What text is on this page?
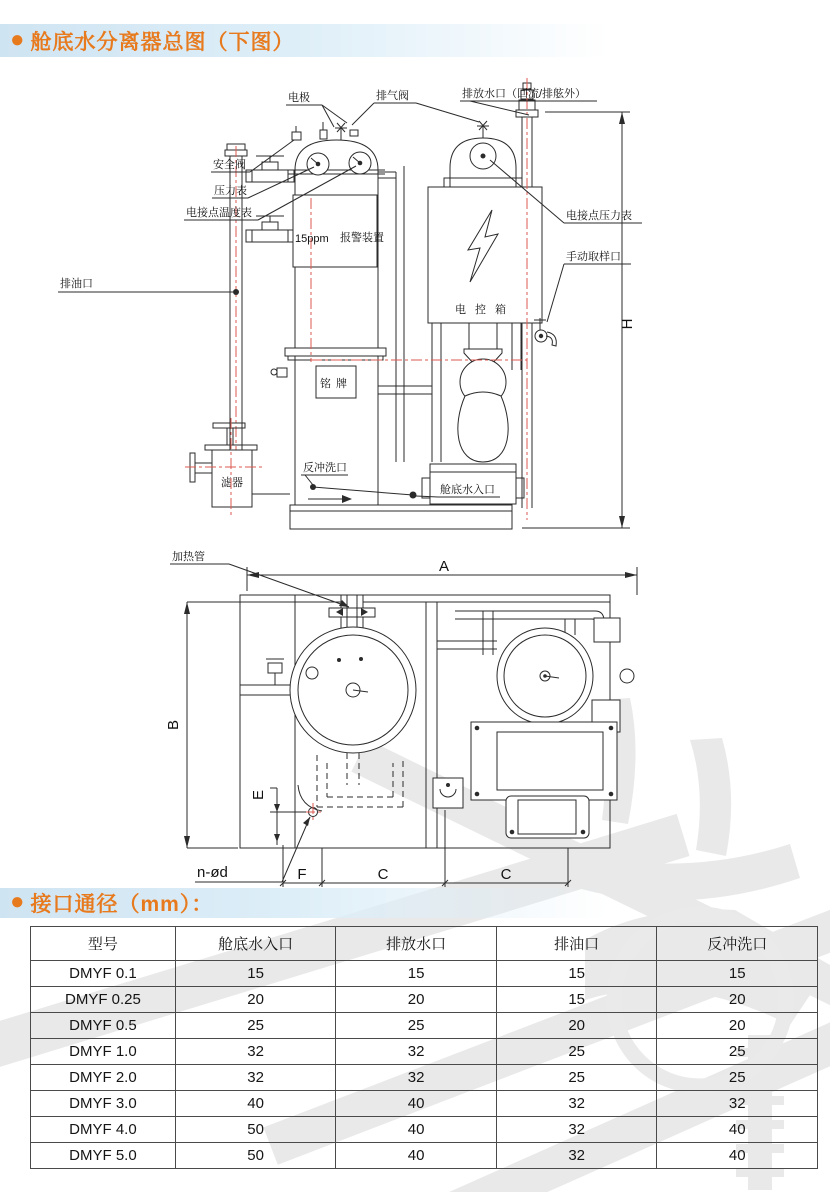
● 舱底水分离器总图（下图）
15ppm 报警装置
铭牌
电控箱
滤器
H
电极	排气阀	排放水口（回流/排舷外）
安全阀
压力表
电接点温度表
排油口
电接点压力表
手动取样口
反冲洗口
舱底水入口
A
B
E
n-ød	F	C	C
加热管
● 接口通径（mm）：
型号	舱底水入口	排放水口	排油口	反冲洗口
DMYF 0.1	15	15	15	15
DMYF 0.25	20	20	15	20
DMYF 0.5	25	25	20	20
DMYF 1.0	32	32	25	25
DMYF 2.0	32	32	25	25
DMYF 3.0	40	40	32	32
DMYF 4.0	50	40	32	40
DMYF 5.0	50	40	32	40
